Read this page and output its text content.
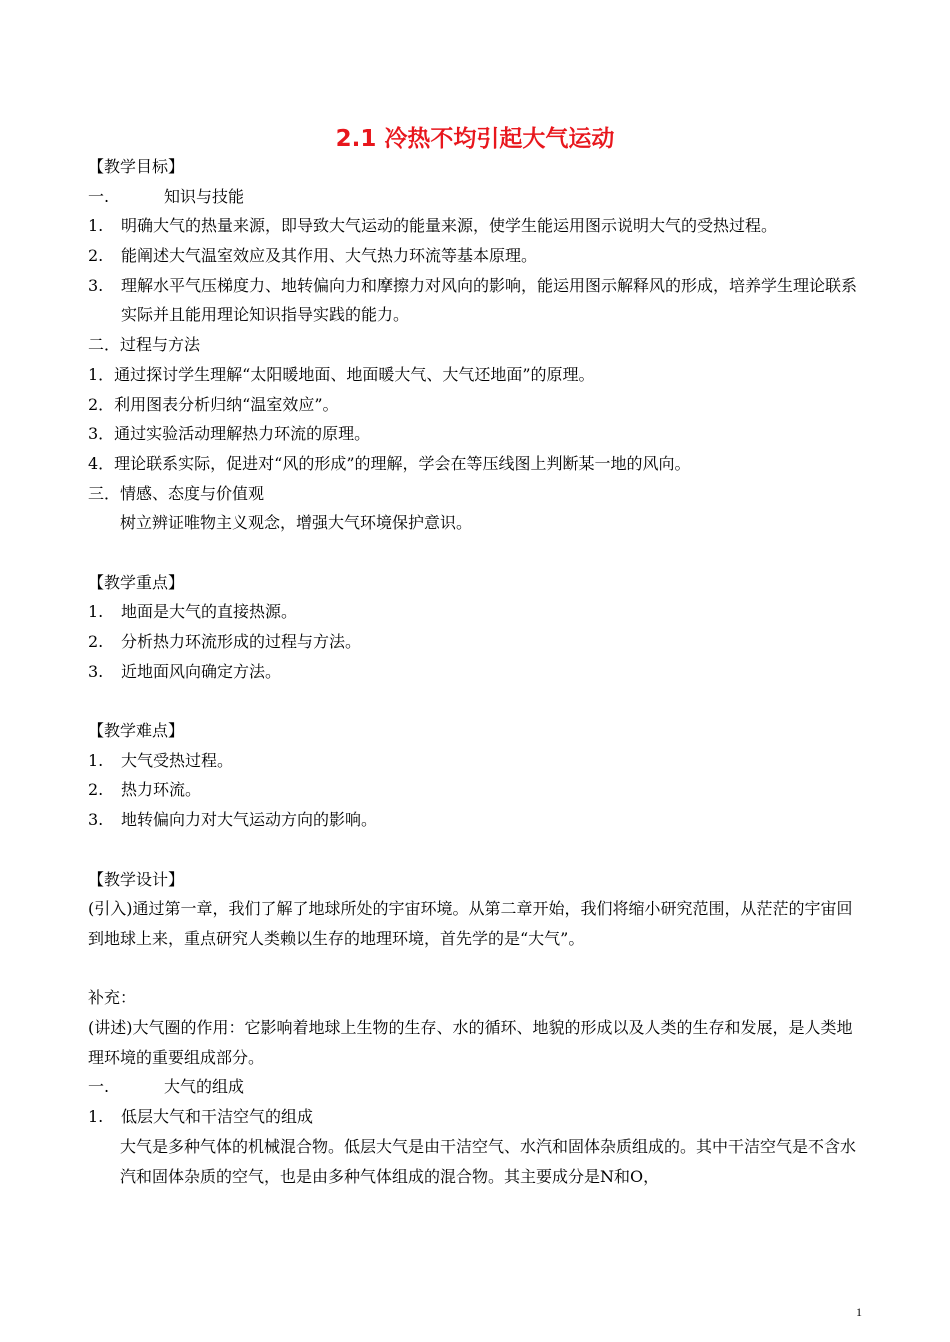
2.1 冷热不均引起大气运动
【教学目标】
一.	知识与技能
1. 明确大气的热量来源，即导致大气运动的能量来源，使学生能运用图示说明大气的受热过程。
2. 能阐述大气温室效应及其作用、大气热力环流等基本原理。
3. 理解水平气压梯度力、地转偏向力和摩擦力对风向的影响，能运用图示解释风的形成，培养学生理论联系实际并且能用理论知识指导实践的能力。
二．过程与方法
1．通过探讨学生理解“太阳暖地面、地面暖大气、大气还地面”的原理。
2．利用图表分析归纳“温室效应”。
3．通过实验活动理解热力环流的原理。
4．理论联系实际，促进对“风的形成”的理解，学会在等压线图上判断某一地的风向。
三．情感、态度与价值观
树立辨证唯物主义观念，增强大气环境保护意识。
【教学重点】
1. 地面是大气的直接热源。
2. 分析热力环流形成的过程与方法。
3. 近地面风向确定方法。
【教学难点】
1. 大气受热过程。
2. 热力环流。
3. 地转偏向力对大气运动方向的影响。
【教学设计】
(引入)通过第一章，我们了解了地球所处的宇宙环境。从第二章开始，我们将缩小研究范围，从茫茫的宇宙回到地球上来，重点研究人类赖以生存的地理环境，首先学的是“大气”。
补充：
(讲述)大气圈的作用：它影响着地球上生物的生存、水的循环、地貌的形成以及人类的生存和发展，是人类地理环境的重要组成部分。
一.	大气的组成
1. 低层大气和干洁空气的组成
大气是多种气体的机械混合物。低层大气是由干洁空气、水汽和固体杂质组成的。其中干洁空气是不含水汽和固体杂质的空气，也是由多种气体组成的混合物。其主要成分是N和O，
1
